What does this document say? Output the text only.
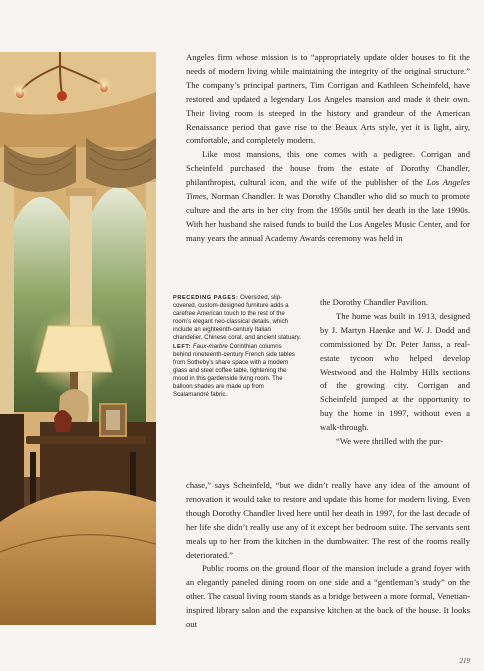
Angeles firm whose mission is to “appropriately update older houses to fit the needs of modern living while maintaining the integrity of the original structure.” The company’s principal partners, Tim Corrigan and Kathleen Scheinfeld, have restored and updated a legendary Los Angeles mansion and made it their own. Their living room is steeped in the history and grandeur of the American Renaissance period that gave rise to the Beaux Arts style, yet it is light, airy, comfortable, and completely modern.

Like most mansions, this one comes with a pedigree. Corrigan and Scheinfeld purchased the house from the estate of Dorothy Chandler, philanthropist, cultural icon, and the wife of the publisher of the Los Angeles Times, Norman Chandler. It was Dorothy Chandler who did so much to promote culture and the arts in her city from the 1950s until her death in the late 1990s. With her husband she raised funds to build the Los Angeles Music Center, and for many years the annual Academy Awards ceremony was held in

PRECEDING PAGES: Oversized, slip-covered, custom-designed furniture adds a carefree American touch to the rest of the room’s elegant neo-classical details, which include an eighteenth-century Italian chandelier, Chinese coral, and ancient statuary. LEFT: Faux-marbre Corinthian columns behind nineteenth-century French side tables from Sotheby’s share space with a modern glass and steel coffee table, lightening the mood in this gardenside living room. The balloon shades are made up from Scalamandré fabric.

the Dorothy Chandler Pavilion.

The home was built in 1913, designed by J. Martyn Haenke and W. J. Dodd and commissioned by Dr. Peter Janss, a real-estate tycoon who helped develop Westwood and the Holmby Hills sections of the growing city. Corrigan and Scheinfeld jumped at the opportunity to buy the home in 1997, without even a walk-through.

“We were thrilled with the pur-

chase,” says Scheinfeld, “but we didn’t really have any idea of the amount of renovation it would take to restore and update this home for modern living. Even though Dorothy Chandler lived here until her death in 1997, for the last decade of her life she didn’t really use any of it except her bedroom suite. The servants sent meals up to her from the kitchen in the dumbwaiter. The rest of the rooms really deteriorated.”

Public rooms on the ground floor of the mansion include a grand foyer with an elegantly paneled dining room on one side and a “gentleman’s study” on the other. The casual living room stands as a bridge between a more formal, Venetian-inspired library salon and the expansive kitchen at the back of the house. It looks out

219
